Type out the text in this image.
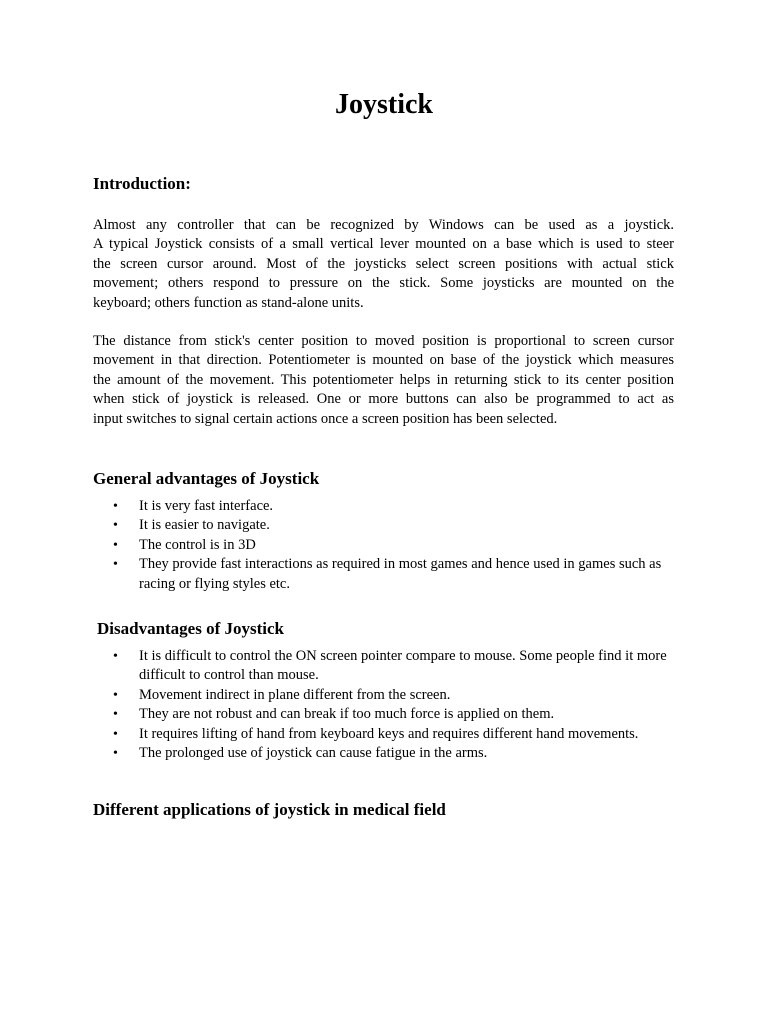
Joystick
Introduction:
Almost any controller that can be recognized by Windows can be used as a joystick.
A typical Joystick consists of a small vertical lever mounted on a base which is used to steer
the screen cursor around. Most of the joysticks select screen positions with actual stick
movement; others respond to pressure on the stick. Some joysticks are mounted on the
keyboard; others function as stand-alone units.
The distance from stick's center position to moved position is proportional to screen cursor
movement in that direction. Potentiometer is mounted on base of the joystick which measures
the amount of the movement. This potentiometer helps in returning stick to its center position
when stick of joystick is released. One or more buttons can also be programmed to act as
input switches to signal certain actions once a screen position has been selected.
General advantages of Joystick
• It is very fast interface.
• It is easier to navigate.
• The control is in 3D
• They provide fast interactions as required in most games and hence used in games such as racing or flying styles etc.
Disadvantages of Joystick
• It is difficult to control the ON screen pointer compare to mouse. Some people find it more difficult to control than mouse.
• Movement indirect in plane different from the screen.
• They are not robust and can break if too much force is applied on them.
• It requires lifting of hand from keyboard keys and requires different hand movements.
• The prolonged use of joystick can cause fatigue in the arms.
Different applications of joystick in medical field
